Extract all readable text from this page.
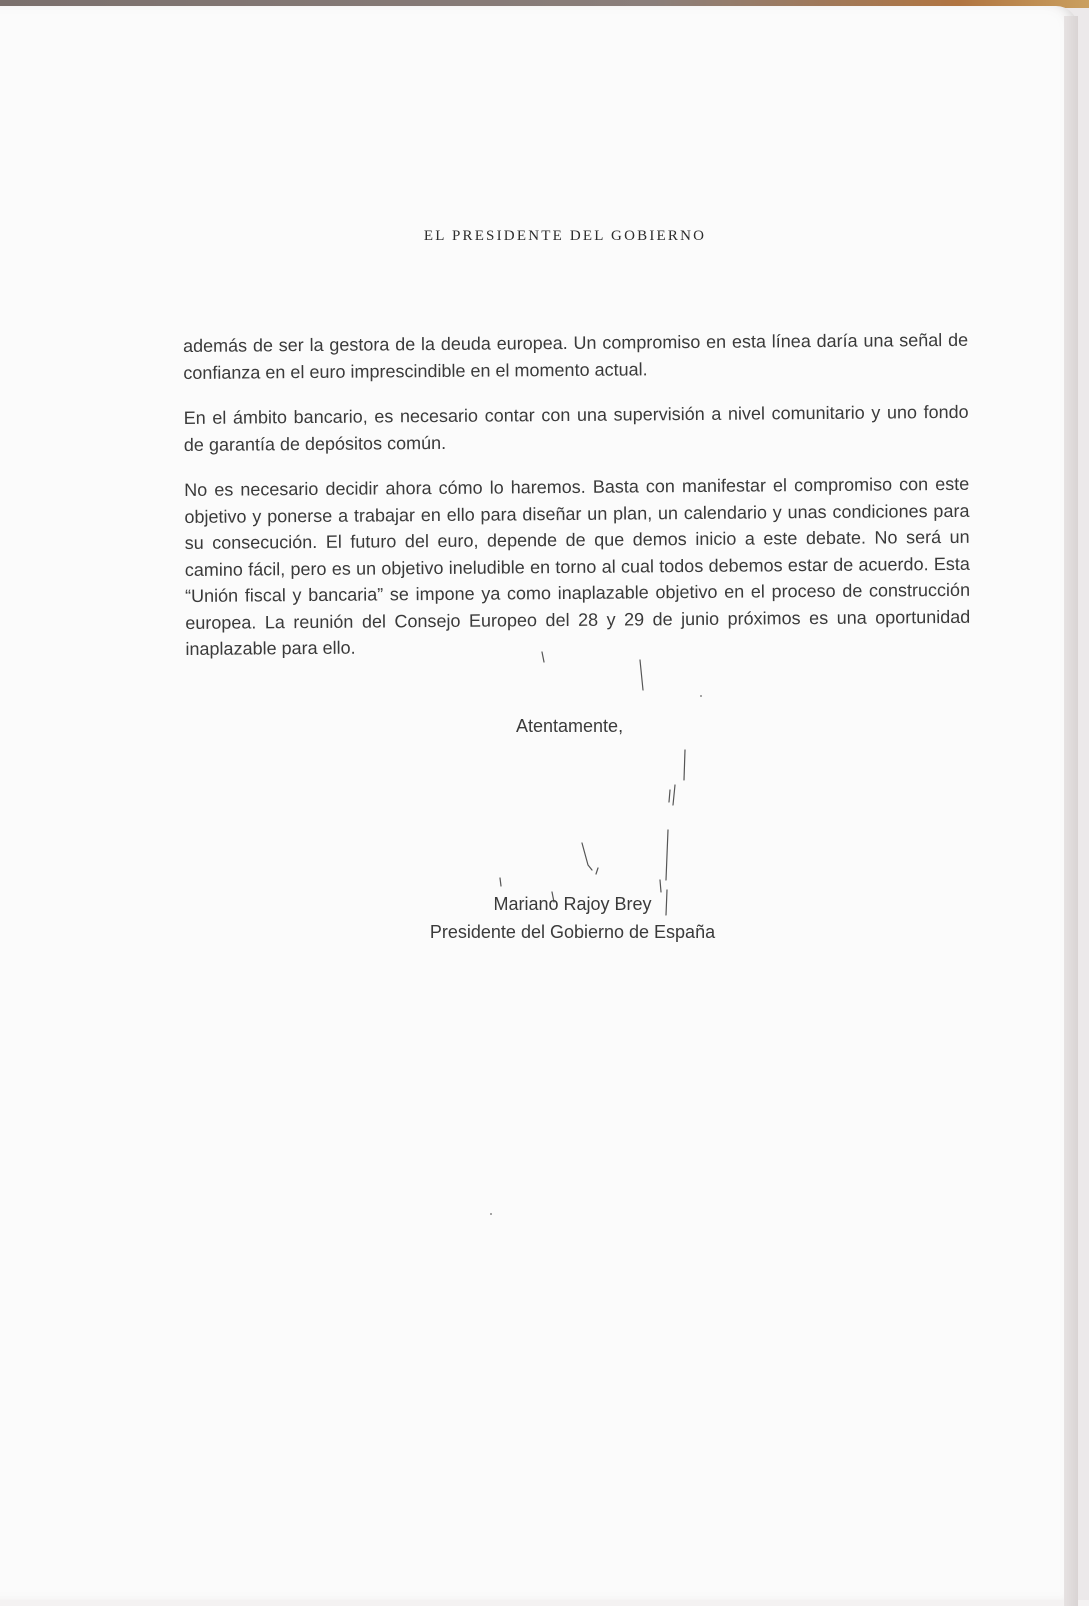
EL PRESIDENTE DEL GOBIERNO

además de ser la gestora de la deuda europea. Un compromiso en esta línea daría una señal de confianza en el euro imprescindible en el momento actual.

En el ámbito bancario, es necesario contar con una supervisión a nivel comunitario y uno fondo de garantía de depósitos común.

No es necesario decidir ahora cómo lo haremos. Basta con manifestar el compromiso con este objetivo y ponerse a trabajar en ello para diseñar un plan, un calendario y unas condiciones para su consecución. El futuro del euro, depende de que demos inicio a este debate. No será un camino fácil, pero es un objetivo ineludible en torno al cual todos debemos estar de acuerdo. Esta “Unión fiscal y bancaria” se impone ya como inaplazable objetivo en el proceso de construcción europea. La reunión del Consejo Europeo del 28 y 29 de junio próximos es una oportunidad inaplazable para ello.

Atentamente,
Mariano Rajoy Brey
Presidente del Gobierno de España
